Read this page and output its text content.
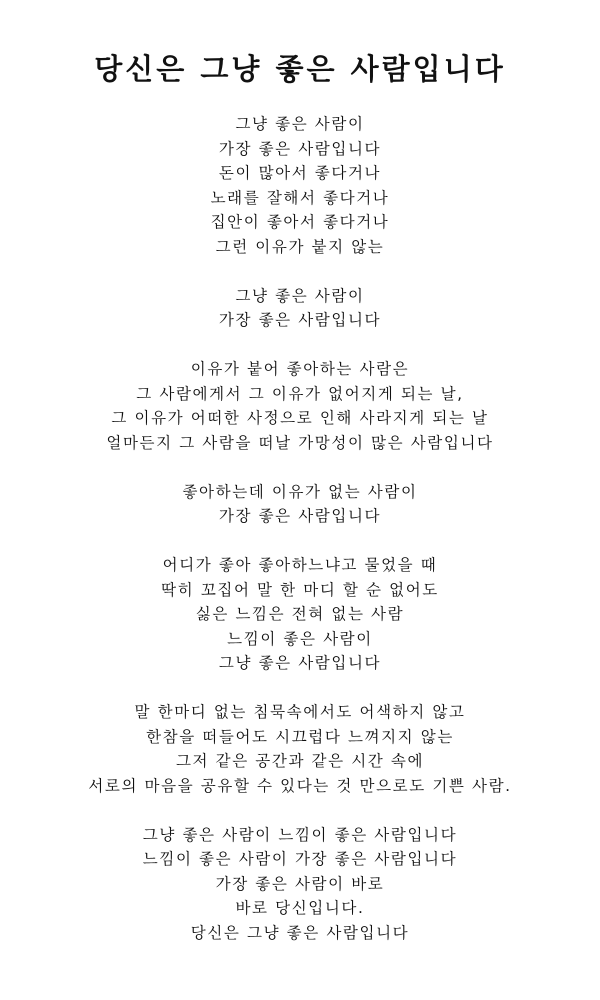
당신은 그냥 좋은 사람입니다
그냥 좋은 사람이
가장 좋은 사람입니다
돈이 많아서 좋다거나
노래를 잘해서 좋다거나
집안이 좋아서 좋다거나
그런 이유가 붙지 않는
그냥 좋은 사람이
가장 좋은 사람입니다
이유가 붙어 좋아하는 사람은
그 사람에게서 그 이유가 없어지게 되는 날,
그 이유가 어떠한 사정으로 인해 사라지게 되는 날
얼마든지 그 사람을 떠날 가망성이 많은 사람입니다
좋아하는데 이유가 없는 사람이
가장 좋은 사람입니다
어디가 좋아 좋아하느냐고 물었을 때
딱히 꼬집어 말 한 마디 할 순 없어도
싫은 느낌은 전혀 없는 사람
느낌이 좋은 사람이
그냥 좋은 사람입니다
말 한마디 없는 침묵속에서도 어색하지 않고
한참을 떠들어도 시끄럽다 느껴지지 않는
그저 같은 공간과 같은 시간 속에
서로의 마음을 공유할 수 있다는 것 만으로도 기쁜 사람.
그냥 좋은 사람이 느낌이 좋은 사람입니다
느낌이 좋은 사람이 가장 좋은 사람입니다
가장 좋은 사람이 바로
바로 당신입니다.
당신은 그냥 좋은 사람입니다
